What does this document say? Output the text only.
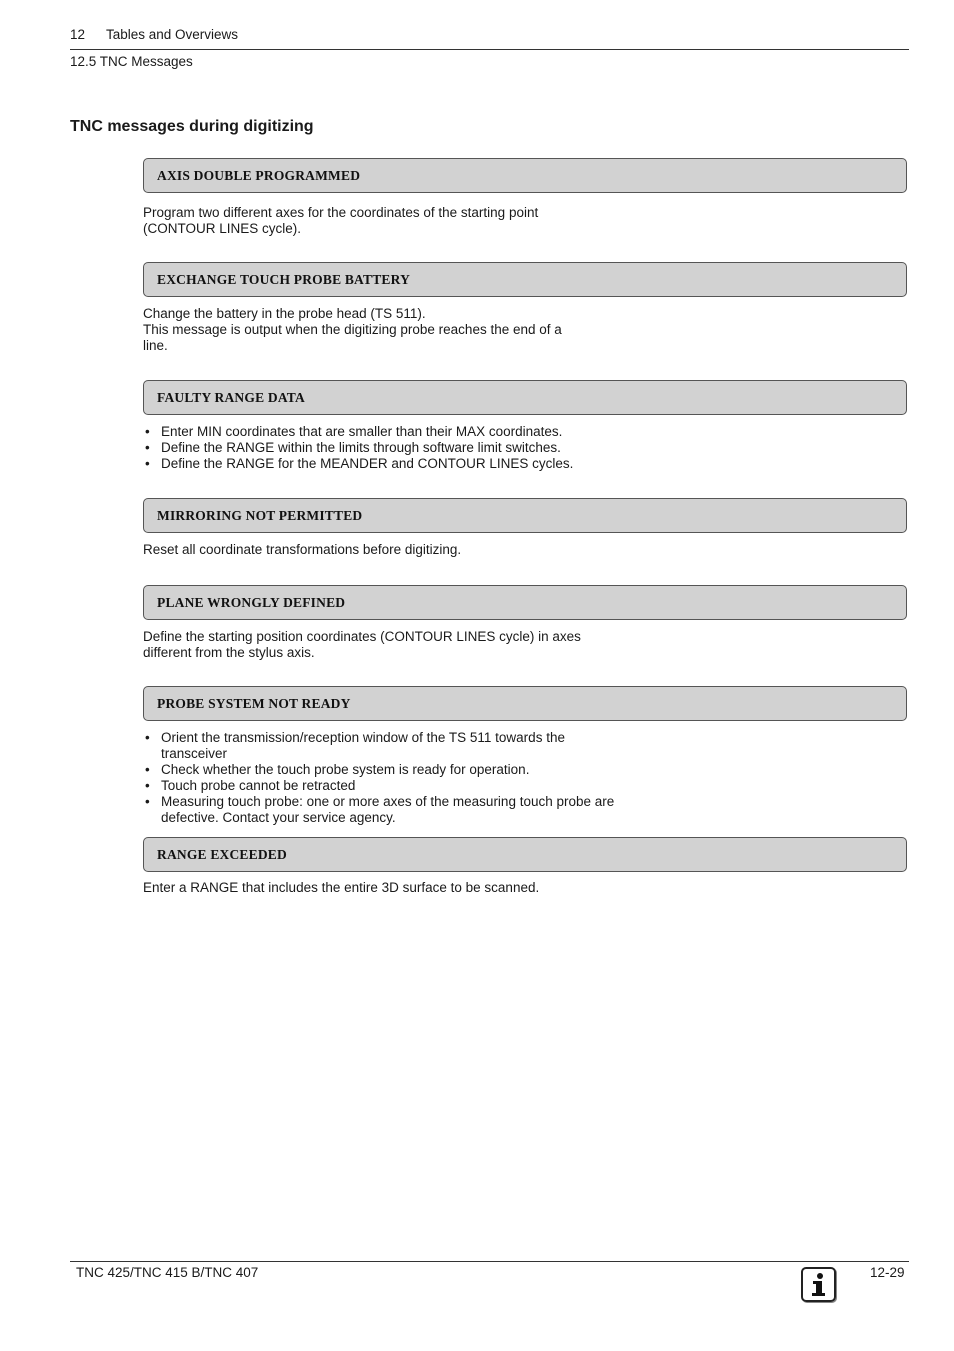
12 Tables and Overviews
12.5 TNC Messages
TNC messages during digitizing
AXIS DOUBLE PROGRAMMED

Program two different axes for the coordinates of the starting point

(CONTOUR LINES cycle).

EXCHANGE TOUCH PROBE BATTERY

Change the battery in the probe head (TS 511).

This message is output when the digitizing probe reaches the end of a

line.

FAULTY RANGE DATA
• Enter MIN coordinates that are smaller than their MAX coordinates.
• Define the RANGE within the limits through software limit switches.
• Define the RANGE for the MEANDER and CONTOUR LINES cycles.
MIRRORING NOT PERMITTED

Reset all coordinate transformations before digitizing.

PLANE WRONGLY DEFINED

Define the starting position coordinates (CONTOUR LINES cycle) in axes

different from the stylus axis.

PROBE SYSTEM NOT READY
• Orient the transmission/reception window of the TS 511 towards the transceiver
• Check whether the touch probe system is ready for operation.
• Touch probe cannot be retracted
• Measuring touch probe: one or more axes of the measuring touch probe are defective. Contact your service agency.
RANGE EXCEEDED

Enter a RANGE that includes the entire 3D surface to be scanned.

TNC 425/TNC 415 B/TNC 407	12-29
